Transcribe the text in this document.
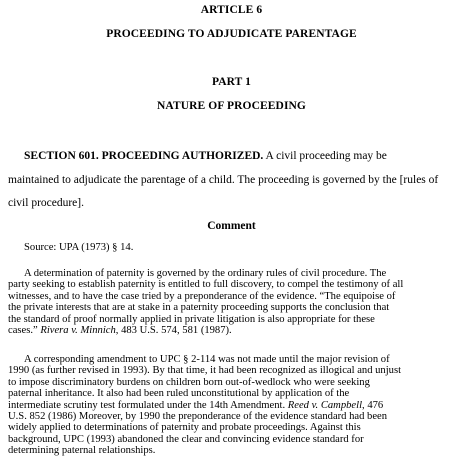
ARTICLE 6
PROCEEDING TO ADJUDICATE PARENTAGE
PART 1
NATURE OF PROCEEDING
SECTION 601. PROCEEDING AUTHORIZED. A civil proceeding may be
maintained to adjudicate the parentage of a child. The proceeding is governed by the [rules of
civil procedure].
Comment
Source: UPA (1973) § 14.
A determination of paternity is governed by the ordinary rules of civil procedure. The
party seeking to establish paternity is entitled to full discovery, to compel the testimony of all
witnesses, and to have the case tried by a preponderance of the evidence. “The equipoise of
the private interests that are at stake in a paternity proceeding supports the conclusion that
the standard of proof normally applied in private litigation is also appropriate for these
cases.” Rivera v. Minnich, 483 U.S. 574, 581 (1987).
A corresponding amendment to UPC § 2-114 was not made until the major revision of
1990 (as further revised in 1993). By that time, it had been recognized as illogical and unjust
to impose discriminatory burdens on children born out-of-wedlock who were seeking
paternal inheritance. It also had been ruled unconstitutional by application of the
intermediate scrutiny test formulated under the 14th Amendment. Reed v. Campbell, 476
U.S. 852 (1986) Moreover, by 1990 the preponderance of the evidence standard had been
widely applied to determinations of paternity and probate proceedings. Against this
background, UPC (1993) abandoned the clear and convincing evidence standard for
determining paternal relationships.
